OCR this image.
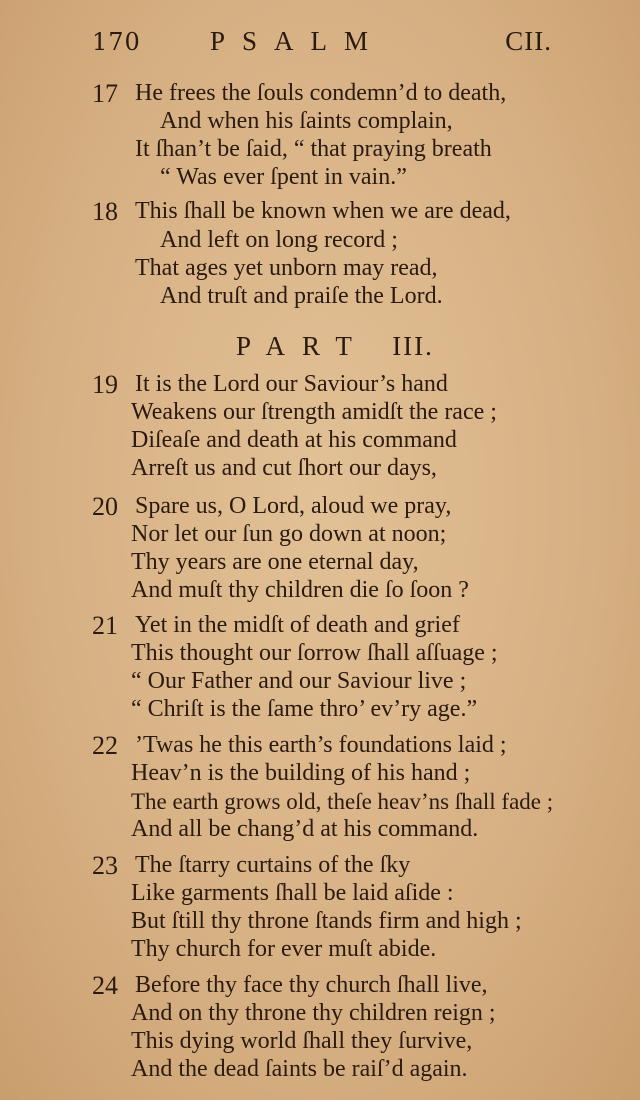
170	PSALM	CII.
17 He frees the ſouls condemn’d to death,
And when his ſaints complain,
It ſhan’t be ſaid, “ that praying breath
“ Was ever ſpent in vain.”
18 This ſhall be known when we are dead,
And left on long record ;
That ages yet unborn may read,
And truſt and praiſe the Lord.
PART III.
19 It is the Lord our Saviour’s hand
Weakens our ſtrength amidſt the race ;
Diſeaſe and death at his command
Arreſt us and cut ſhort our days,
20 Spare us, O Lord, aloud we pray,
Nor let our ſun go down at noon;
Thy years are one eternal day,
And muſt thy children die ſo ſoon ?
21 Yet in the midſt of death and grief
This thought our ſorrow ſhall aſſuage ;
“ Our Father and our Saviour live ;
“ Chriſt is the ſame thro’ ev’ry age.”
22 ’Twas he this earth’s foundations laid ;
Heav’n is the building of his hand ;
The earth grows old, theſe heav’ns ſhall fade ;
And all be chang’d at his command.
23 The ſtarry curtains of the ſky
Like garments ſhall be laid aſide :
But ſtill thy throne ſtands firm and high ;
Thy church for ever muſt abide.
24 Before thy face thy church ſhall live,
And on thy throne thy children reign ;
This dying world ſhall they ſurvive,
And the dead ſaints be raiſ’d again.
